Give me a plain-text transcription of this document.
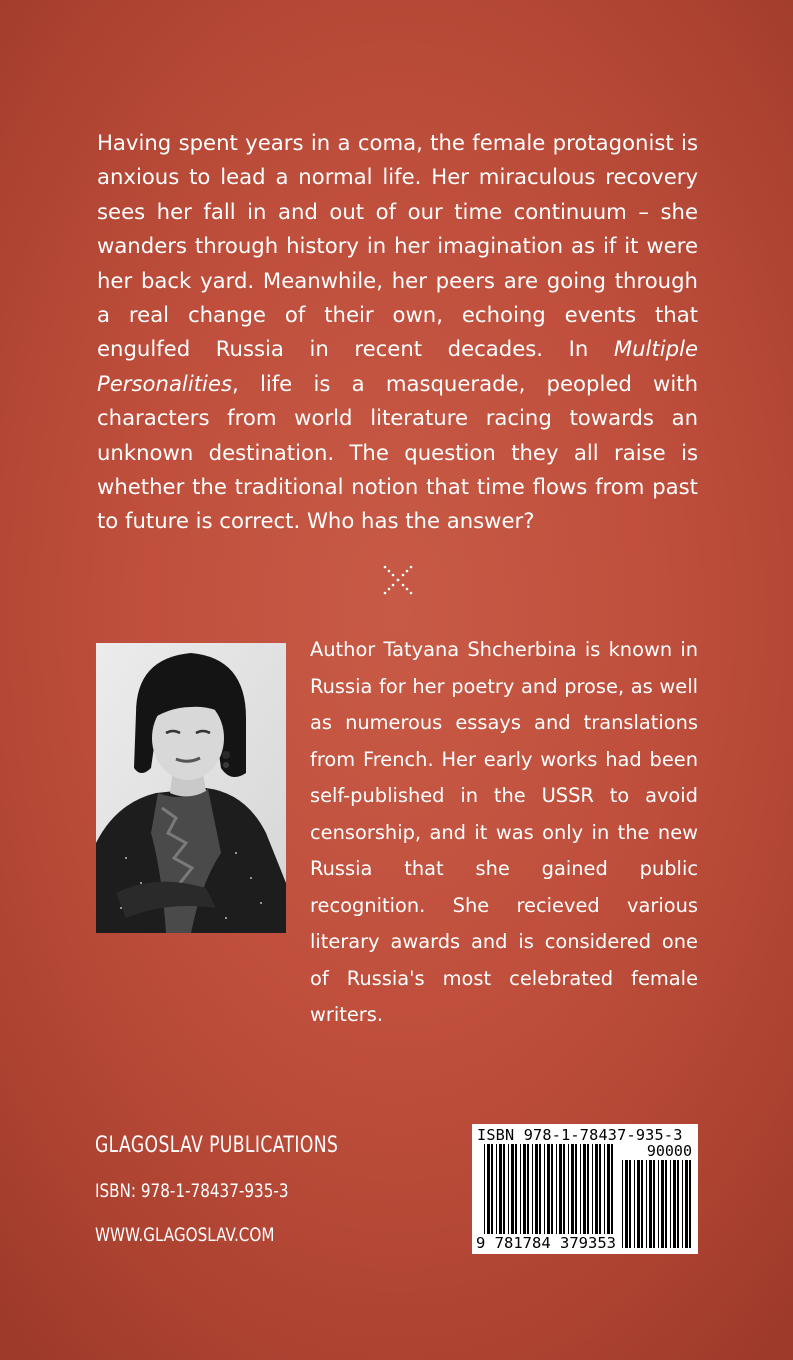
Having spent years in a coma, the female protagonist is anxious to lead a normal life. Her miraculous recovery sees her fall in and out of our time continuum – she wanders through history in her imagination as if it were her back yard. Meanwhile, her peers are going through a real change of their own, echoing events that engulfed Russia in recent decades. In Multiple Personalities, life is a masquerade, peopled with characters from world literature racing towards an unknown destination. The question they all raise is whether the traditional notion that time flows from past to future is correct. Who has the answer?

Author Tatyana Shcherbina is known in Russia for her poetry and prose, as well as numerous essays and translations from French. Her early works had been self-published in the USSR to avoid censorship, and it was only in the new Russia that she gained public recognition. She recieved various literary awards and is considered one of Russia's most celebrated female writers.

GLAGOSLAV PUBLICATIONS
ISBN: 978-1-78437-935-3
WWW.GLAGOSLAV.COM
ISBN 978-1-78437-935-3
90000
9 781784 379353
